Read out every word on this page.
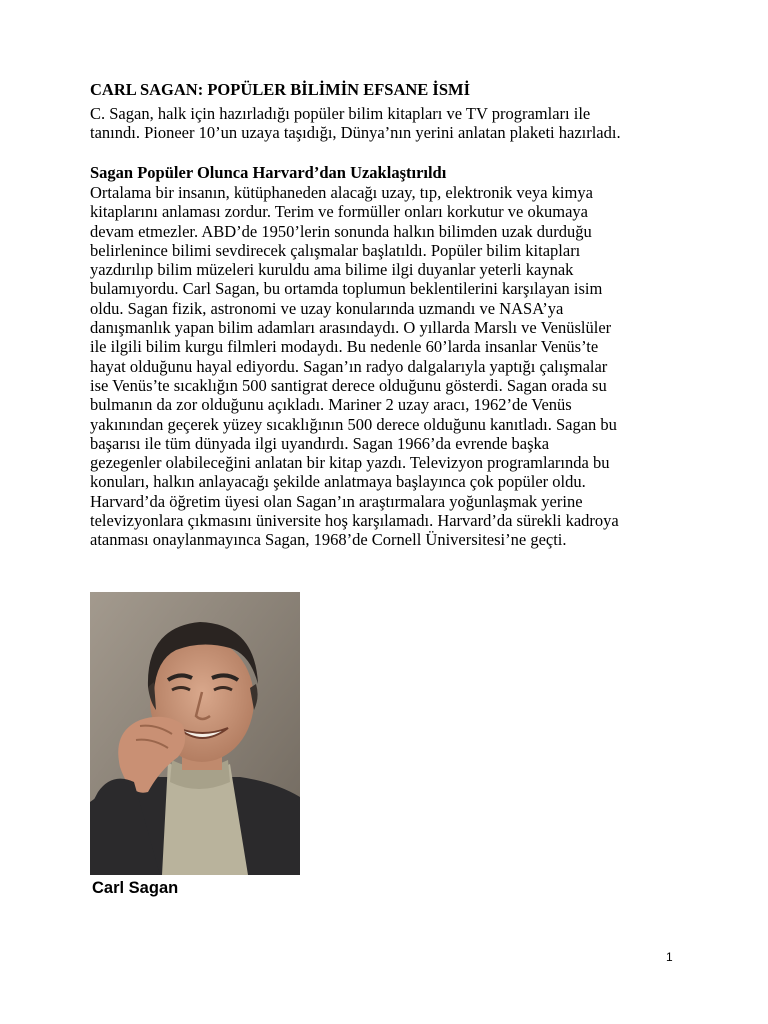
CARL SAGAN: POPÜLER BİLİMİN EFSANE İSMİ
C. Sagan, halk için hazırladığı popüler bilim kitapları ve TV programları ile
tanındı. Pioneer 10’un uzaya taşıdığı, Dünya’nın yerini anlatan plaketi hazırladı.
Sagan Popüler Olunca Harvard’dan Uzaklaştırıldı
Ortalama bir insanın, kütüphaneden alacağı uzay, tıp, elektronik veya kimya
kitaplarını anlaması zordur. Terim ve formüller onları korkutur ve okumaya
devam etmezler. ABD’de 1950’lerin sonunda halkın bilimden uzak durduğu
belirlenince bilimi sevdirecek çalışmalar başlatıldı. Popüler bilim kitapları
yazdırılıp bilim müzeleri kuruldu ama bilime ilgi duyanlar yeterli kaynak
bulamıyordu. Carl Sagan, bu ortamda toplumun beklentilerini karşılayan isim
oldu. Sagan fizik, astronomi ve uzay konularında uzmandı ve NASA’ya
danışmanlık yapan bilim adamları arasındaydı. O yıllarda Marslı ve Venüslüler
ile ilgili bilim kurgu filmleri modaydı. Bu nedenle 60’larda insanlar Venüs’te
hayat olduğunu hayal ediyordu. Sagan’ın radyo dalgalarıyla yaptığı çalışmalar
ise Venüs’te sıcaklığın 500 santigrat derece olduğunu gösterdi. Sagan orada su
bulmanın da zor olduğunu açıkladı. Mariner 2 uzay aracı, 1962’de Venüs
yakınından geçerek yüzey sıcaklığının 500 derece olduğunu kanıtladı. Sagan bu
başarısı ile tüm dünyada ilgi uyandırdı. Sagan 1966’da evrende başka
gezegenler olabileceğini anlatan bir kitap yazdı. Televizyon programlarında bu
konuları, halkın anlayacağı şekilde anlatmaya başlayınca çok popüler oldu.
Harvard’da öğretim üyesi olan Sagan’ın araştırmalara yoğunlaşmak yerine
televizyonlara çıkmasını üniversite hoş karşılamadı. Harvard’da sürekli kadroya
atanması onaylanmayınca Sagan, 1968’de Cornell Üniversitesi’ne geçti.
Carl Sagan
1
